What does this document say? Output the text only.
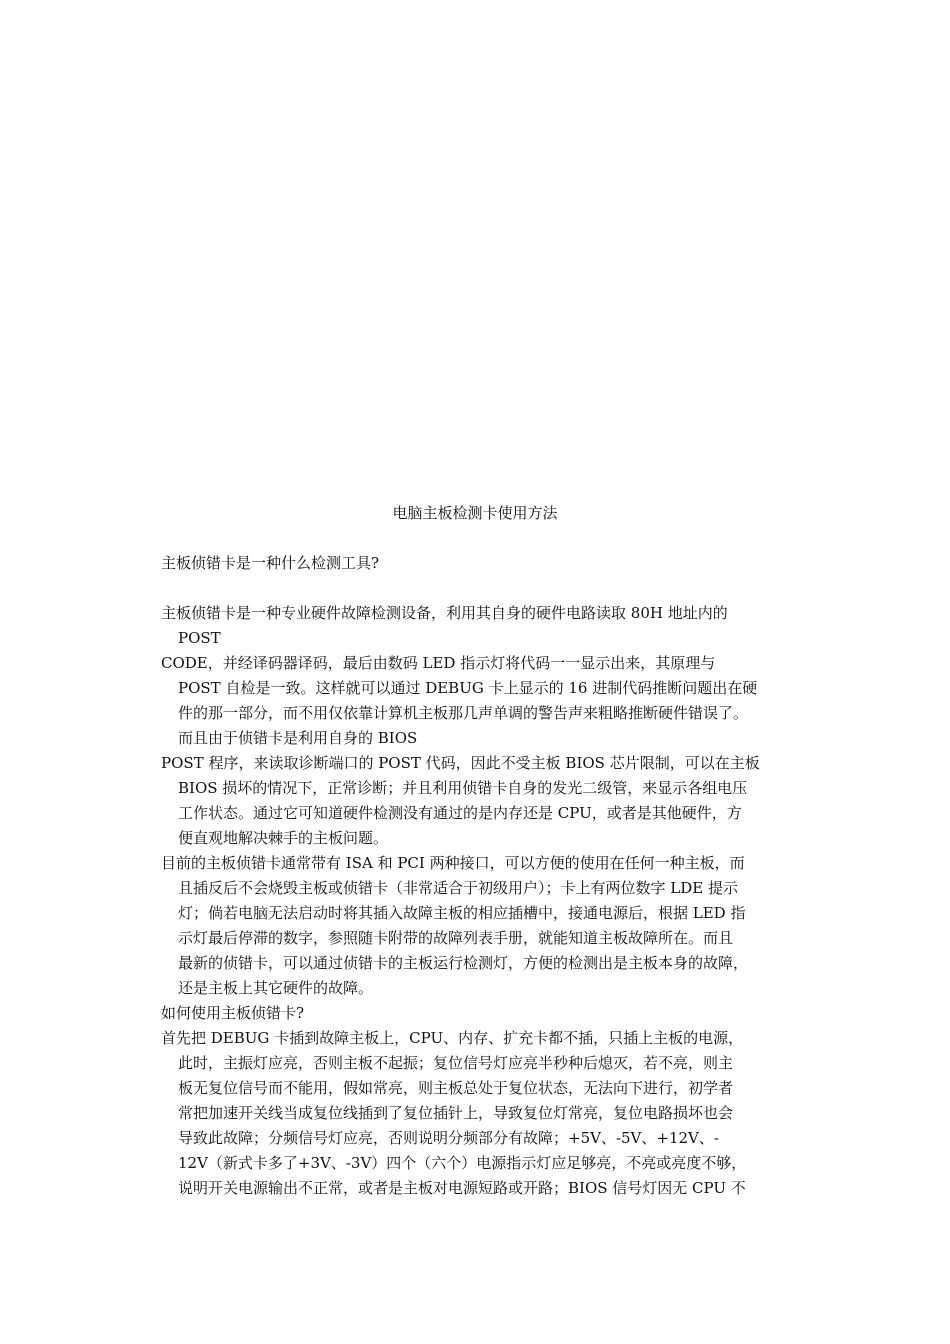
电脑主板检测卡使用方法
主板侦错卡是一种什么检测工具?
主板侦错卡是一种专业硬件故障检测设备，利用其自身的硬件电路读取 80H 地址内的
POST
CODE，并经译码器译码，最后由数码 LED 指示灯将代码一一显示出来，其原理与
POST 自检是一致。这样就可以通过 DEBUG 卡上显示的 16 进制代码推断问题出在硬
件的那一部分，而不用仅依靠计算机主板那几声单调的警告声来粗略推断硬件错误了。
而且由于侦错卡是利用自身的 BIOS
POST 程序，来读取诊断端口的 POST 代码，因此不受主板 BIOS 芯片限制，可以在主板
BIOS 损坏的情况下，正常诊断；并且利用侦错卡自身的发光二级管，来显示各组电压
工作状态。通过它可知道硬件检测没有通过的是内存还是 CPU，或者是其他硬件，方
便直观地解决棘手的主板问题。
目前的主板侦错卡通常带有 ISA 和 PCI 两种接口，可以方便的使用在任何一种主板，而
且插反后不会烧毁主板或侦错卡（非常适合于初级用户）；卡上有两位数字 LDE 提示
灯；倘若电脑无法启动时将其插入故障主板的相应插槽中，接通电源后，根据 LED 指
示灯最后停滞的数字，参照随卡附带的故障列表手册，就能知道主板故障所在。而且
最新的侦错卡，可以通过侦错卡的主板运行检测灯，方便的检测出是主板本身的故障，
还是主板上其它硬件的故障。
如何使用主板侦错卡?
首先把 DEBUG 卡插到故障主板上，CPU、内存、扩充卡都不插，只插上主板的电源，
此时，主振灯应亮，否则主板不起振；复位信号灯应亮半秒种后熄灭，若不亮，则主
板无复位信号而不能用，假如常亮，则主板总处于复位状态，无法向下进行，初学者
常把加速开关线当成复位线插到了复位插针上，导致复位灯常亮，复位电路损坏也会
导致此故障；分频信号灯应亮，否则说明分频部分有故障；+5V、-5V、+12V、-
12V（新式卡多了+3V、-3V）四个（六个）电源指示灯应足够亮，不亮或亮度不够，
说明开关电源输出不正常，或者是主板对电源短路或开路；BIOS 信号灯因无 CPU 不
